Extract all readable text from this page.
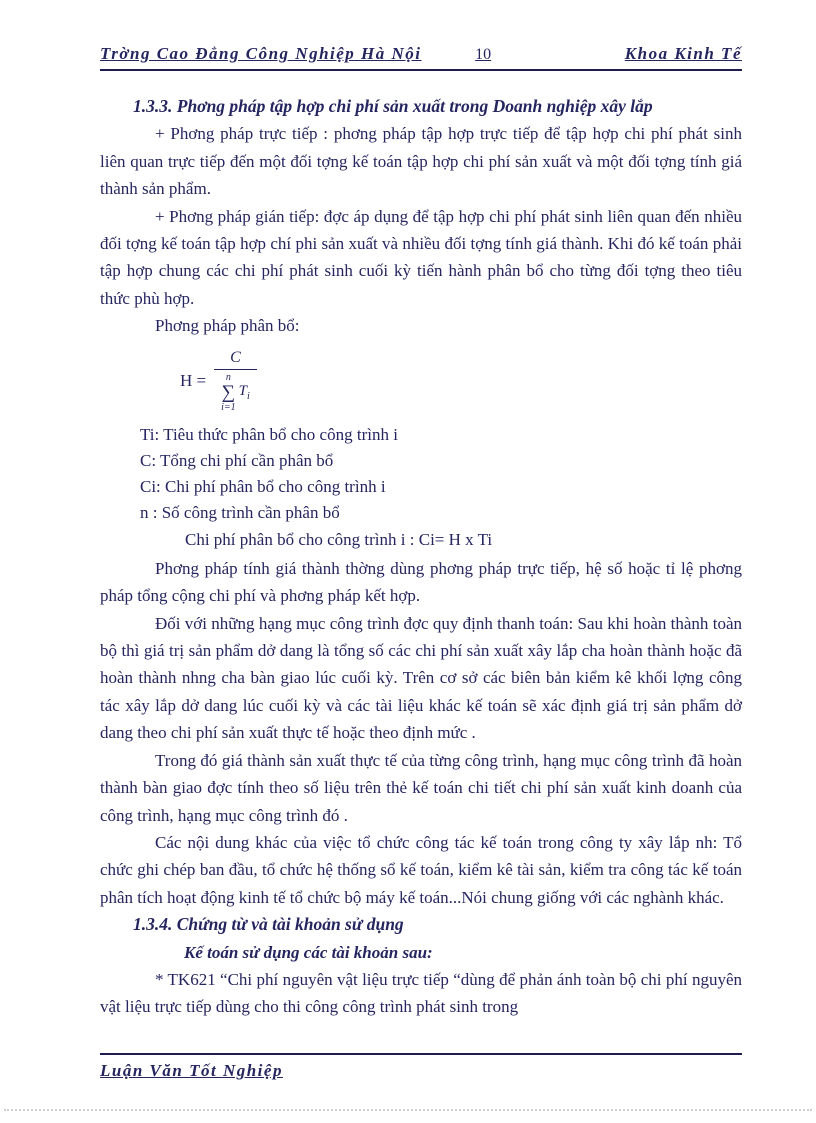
Trờng Cao Đẳng Công Nghiệp Hà Nội	10	Khoa Kinh Tế
1.3.3. Phơng pháp tập hợp chi phí sản xuất trong Doanh nghiệp xây lắp

+ Phơng pháp trực tiếp : phơng pháp tập hợp trực tiếp để tập hợp chi phí phát sinh liên quan trực tiếp đến một đối tợng kế toán tập hợp chi phí sản xuất và một đối tợng tính giá thành sản phẩm.

+ Phơng pháp gián tiếp: đợc áp dụng để tập hợp chi phí phát sinh liên quan đến nhiều đối tợng kế toán tập hợp chí phi sản xuất và nhiều đối tợng tính giá thành. Khi đó kế toán phải tập hợp chung các chi phí phát sinh cuối kỳ tiến hành phân bổ cho từng đối tợng theo tiêu thức phù hợp.

Phơng pháp phân bổ:

H = C
n
∑
i=1
$T_i$
Ti: Tiêu thức phân bổ cho công trình i
C: Tổng chi phí cần phân bổ
Ci: Chi phí phân bổ cho công trình i
n : Số công trình cần phân bổ
Chi phí phân bổ cho công trình i : Ci= H x Ti

Phơng pháp tính giá thành thờng dùng phơng pháp trực tiếp, hệ số hoặc tỉ lệ phơng pháp tổng cộng chi phí và phơng pháp kết hợp.

Đối với những hạng mục công trình đợc quy định thanh toán: Sau khi hoàn thành toàn bộ thì giá trị sản phẩm dở dang là tổng số các chi phí sản xuất xây lắp cha hoàn thành hoặc đã hoàn thành nhng cha bàn giao lúc cuối kỳ. Trên cơ sở các biên bản kiểm kê khối lợng công tác xây lắp dở dang lúc cuối kỳ và các tài liệu khác kế toán sẽ xác định giá trị sản phẩm dở dang theo chi phí sản xuất thực tế hoặc theo định mức .

Trong đó giá thành sản xuất thực tế của từng công trình, hạng mục công trình đã hoàn thành bàn giao đợc tính theo số liệu trên thẻ kế toán chi tiết chi phí sản xuất kinh doanh của công trình, hạng mục công trình đó .

Các nội dung khác của việc tổ chức công tác kế toán trong công ty xây lắp nh: Tổ chức ghi chép ban đầu, tổ chức hệ thống sổ kế toán, kiểm kê tài sản, kiểm tra công tác kế toán phân tích hoạt động kinh tế tổ chức bộ máy kế toán...Nói chung giống với các nghành khác.

1.3.4. Chứng từ và tài khoản sử dụng
Kế toán sử dụng các tài khoản sau:

* TK621 “Chi phí nguyên vật liệu trực tiếp “dùng để phản ánh toàn bộ chi phí nguyên vật liệu trực tiếp dùng cho thi công công trình phát sinh trong

Luận Văn Tốt Nghiệp
